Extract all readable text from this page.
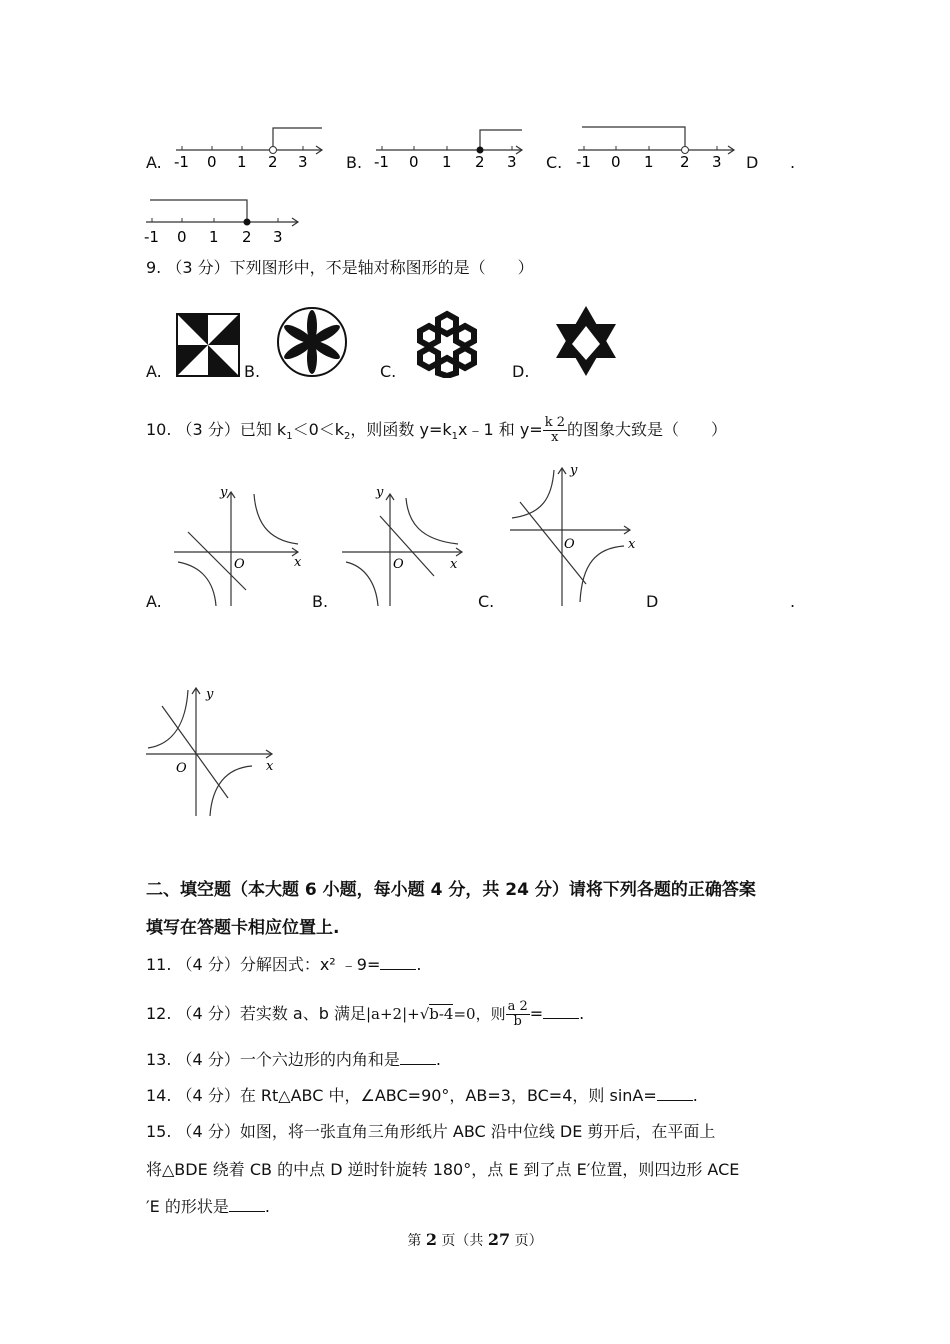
A. -1 0 1 2 3 B. -1 0 1 2 3 C. -1 0 1 2 3 D .
-1 0 1 2 3
9. （3 分）下列图形中，不是轴对称图形的是（　　）
A.	B.	C.	D.
10. （3 分）已知 $k_1<0<k_2$，则函数 $y=k_1x﹣1$ 和 $y= \frac{k 2}{x}$ 的图象大致是（　　）
A.
y
x
O
B.
y
x
O
C.
y
x
O
D	.
y
x
O
二、填空题（本大题 6 小题，每小题 4 分，共 24 分）请将下列各题的正确答案
填写在答题卡相应位置上.
11. （4 分）分解因式：x² ﹣9= .
12. （4 分）若实数 a、b 满足|a+2|+√b-4=0，则 $\frac{a 2}{b}$ = .
13. （4 分）一个六边形的内角和是 .
14. （4 分）在 Rt△ABC 中，∠ABC=90°，AB=3，BC=4，则 sinA= .
15. （4 分）如图，将一张直角三角形纸片 ABC 沿中位线 DE 剪开后，在平面上
将△BDE 绕着 CB 的中点 D 逆时针旋转 180°，点 E 到了点 E′位置，则四边形 ACE
′E 的形状是 .
第 2 页（共 27 页）
